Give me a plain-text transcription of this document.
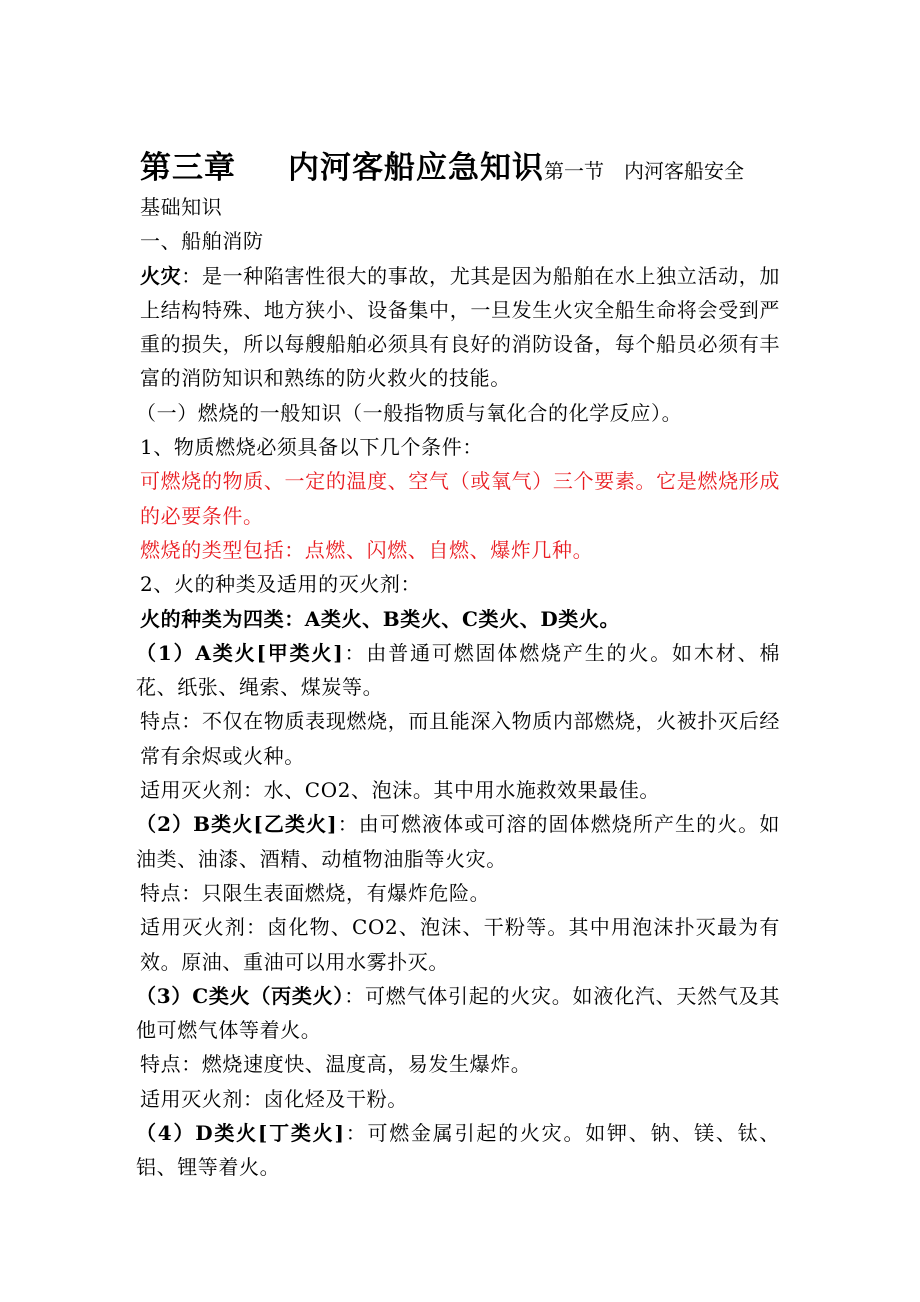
第三章 内河客船应急知识第一节　内河客船安全

基础知识

一、船舶消防

火灾：是一种陷害性很大的事故，尤其是因为船舶在水上独立活动，加上结构特殊、地方狭小、设备集中，一旦发生火灾全船生命将会受到严重的损失，所以每艘船舶必须具有良好的消防设备，每个船员必须有丰富的消防知识和熟练的防火救火的技能。

（一）燃烧的一般知识（一般指物质与氧化合的化学反应）。

1、物质燃烧必须具备以下几个条件：

可燃烧的物质、一定的温度、空气（或氧气）三个要素。它是燃烧形成的必要条件。

燃烧的类型包括：点燃、闪燃、自燃、爆炸几种。

2、火的种类及适用的灭火剂：

火的种类为四类：A类火、B类火、C类火、D类火。

（1）A类火[甲类火]：由普通可燃固体燃烧产生的火。如木材、棉花、纸张、绳索、煤炭等。

特点：不仅在物质表现燃烧，而且能深入物质内部燃烧，火被扑灭后经常有余烬或火种。

适用灭火剂：水、CO2、泡沫。其中用水施救效果最佳。

（2）B类火[乙类火]：由可燃液体或可溶的固体燃烧所产生的火。如油类、油漆、酒精、动植物油脂等火灾。

特点：只限生表面燃烧，有爆炸危险。

适用灭火剂：卤化物、CO2、泡沫、干粉等。其中用泡沫扑灭最为有效。原油、重油可以用水雾扑灭。

（3）C类火（丙类火）：可燃气体引起的火灾。如液化汽、天然气及其他可燃气体等着火。

特点：燃烧速度快、温度高，易发生爆炸。

适用灭火剂：卤化烃及干粉。

（4）D类火[丁类火]：可燃金属引起的火灾。如钾、钠、镁、钛、铝、锂等着火。
